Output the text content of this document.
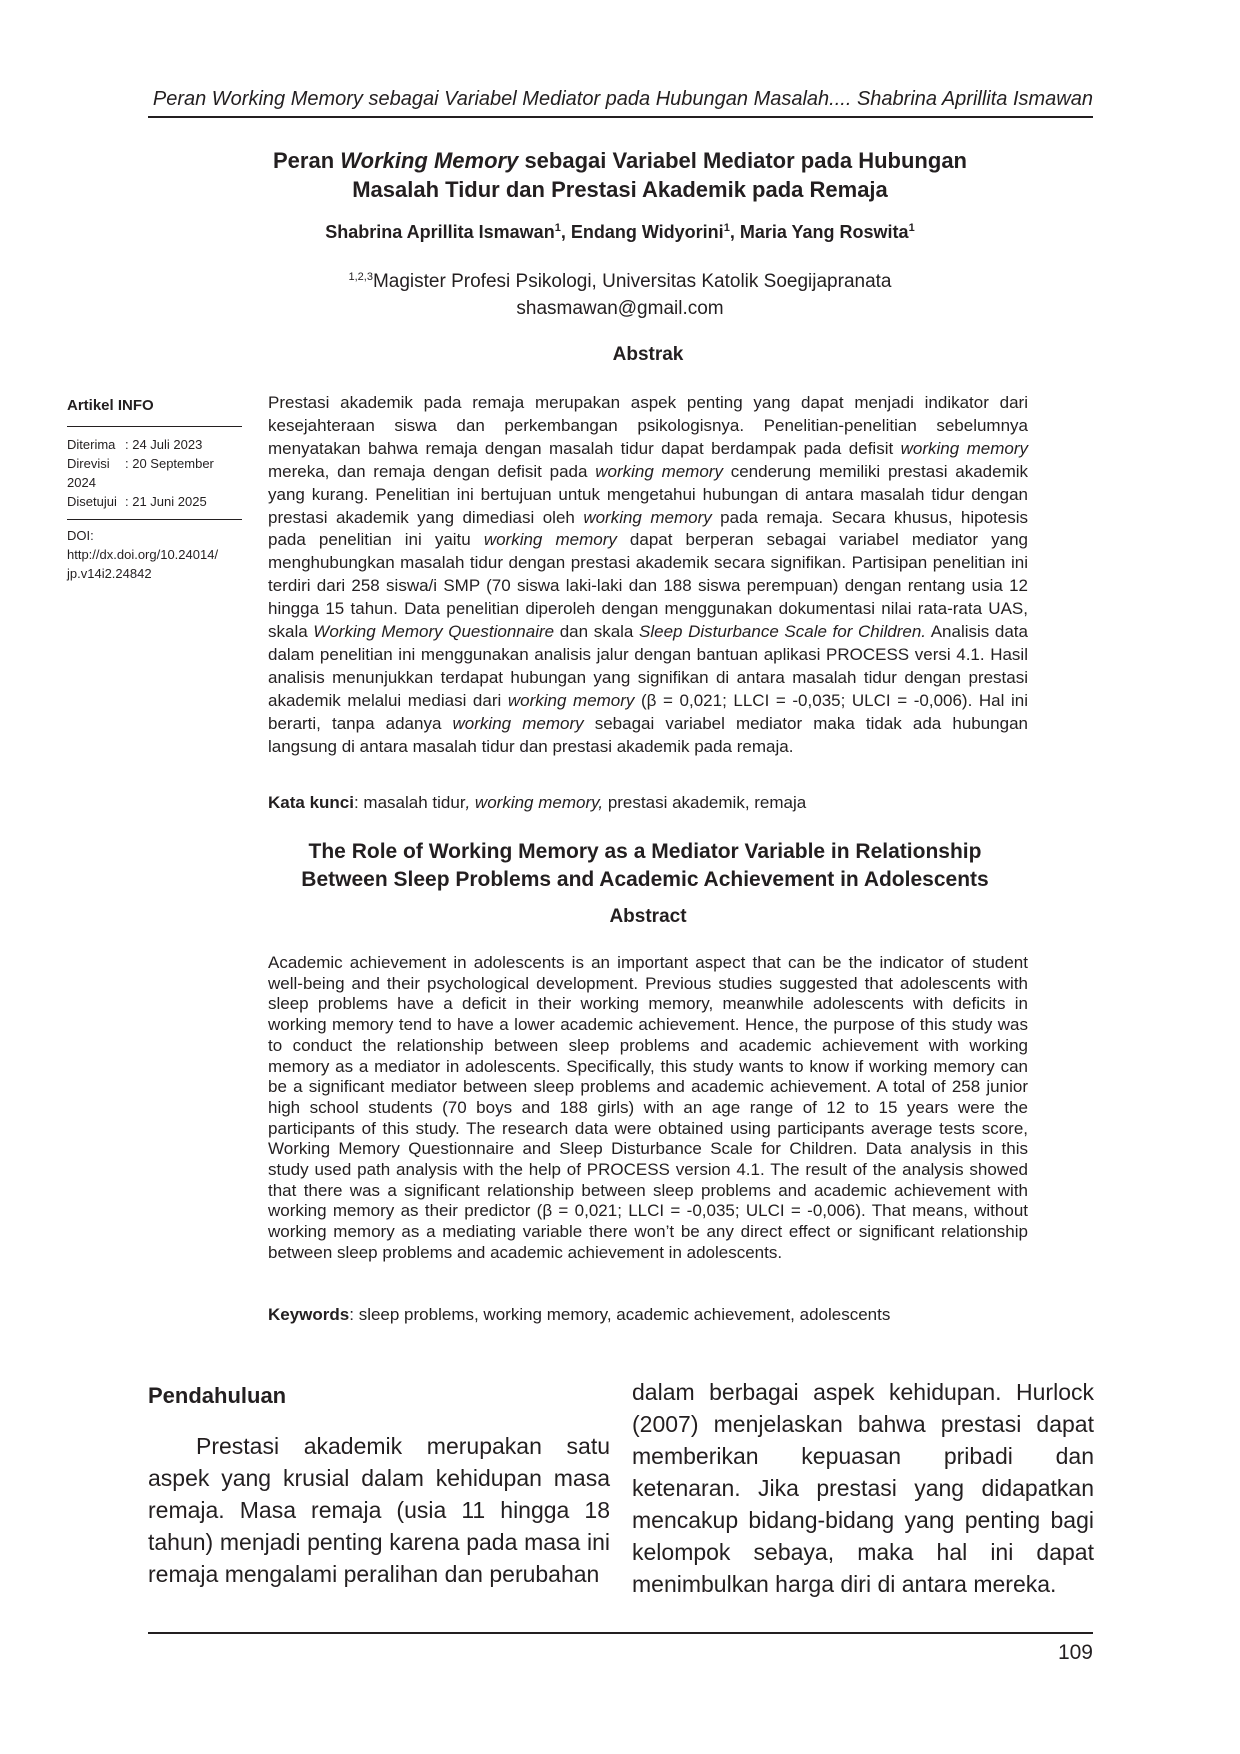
Peran Working Memory sebagai Variabel Mediator pada Hubungan Masalah.... Shabrina Aprillita Ismawan
Peran Working Memory sebagai Variabel Mediator pada Hubungan
Masalah Tidur dan Prestasi Akademik pada Remaja
Shabrina Aprillita Ismawan$^1$, Endang Widyorini$^1$, Maria Yang Roswita$^1$
$^{1,2,3}$Magister Profesi Psikologi, Universitas Katolik Soegijapranata
shasmawan@gmail.com
Abstrak
Artikel INFO
Diterima : 24 Juli 2023
Direvisi : 20 September 2024
Disetujui : 21 Juni 2025
DOI: http://dx.doi.org/10.24014/
jp.v14i2.24842
Prestasi akademik pada remaja merupakan aspek penting yang dapat menjadi indikator dari kesejahteraan siswa dan perkembangan psikologisnya. Penelitian-penelitian sebelumnya menyatakan bahwa remaja dengan masalah tidur dapat berdampak pada defisit working memory mereka, dan remaja dengan defisit pada working memory cenderung memiliki prestasi akademik yang kurang. Penelitian ini bertujuan untuk mengetahui hubungan di antara masalah tidur dengan prestasi akademik yang dimediasi oleh working memory pada remaja. Secara khusus, hipotesis pada penelitian ini yaitu working memory dapat berperan sebagai variabel mediator yang menghubungkan masalah tidur dengan prestasi akademik secara signifikan. Partisipan penelitian ini terdiri dari 258 siswa/i SMP (70 siswa laki-laki dan 188 siswa perempuan) dengan rentang usia 12 hingga 15 tahun. Data penelitian diperoleh dengan menggunakan dokumentasi nilai rata-rata UAS, skala Working Memory Questionnaire dan skala Sleep Disturbance Scale for Children. Analisis data dalam penelitian ini menggunakan analisis jalur dengan bantuan aplikasi PROCESS versi 4.1. Hasil analisis menunjukkan terdapat hubungan yang signifikan di antara masalah tidur dengan prestasi akademik melalui mediasi dari working memory (β = 0,021; LLCI = -0,035; ULCI = -0,006). Hal ini berarti, tanpa adanya working memory sebagai variabel mediator maka tidak ada hubungan langsung di antara masalah tidur dan prestasi akademik pada remaja.
Kata kunci: masalah tidur, working memory, prestasi akademik, remaja
The Role of Working Memory as a Mediator Variable in Relationship
Between Sleep Problems and Academic Achievement in Adolescents
Abstract
Academic achievement in adolescents is an important aspect that can be the indicator of student well-being and their psychological development. Previous studies suggested that adolescents with sleep problems have a deficit in their working memory, meanwhile adolescents with deficits in working memory tend to have a lower academic achievement. Hence, the purpose of this study was to conduct the relationship between sleep problems and academic achievement with working memory as a mediator in adolescents. Specifically, this study wants to know if working memory can be a significant mediator between sleep problems and academic achievement. A total of 258 junior high school students (70 boys and 188 girls) with an age range of 12 to 15 years were the participants of this study. The research data were obtained using participants average tests score, Working Memory Questionnaire and Sleep Disturbance Scale for Children. Data analysis in this study used path analysis with the help of PROCESS version 4.1. The result of the analysis showed that there was a significant relationship between sleep problems and academic achievement with working memory as their predictor (β = 0,021; LLCI = -0,035; ULCI = -0,006). That means, without working memory as a mediating variable there won’t be any direct effect or significant relationship between sleep problems and academic achievement in adolescents.
Keywords: sleep problems, working memory, academic achievement, adolescents
Pendahuluan
Prestasi akademik merupakan satu aspek yang krusial dalam kehidupan masa remaja. Masa remaja (usia 11 hingga 18 tahun) menjadi penting karena pada masa ini remaja mengalami peralihan dan perubahan
dalam berbagai aspek kehidupan. Hurlock (2007) menjelaskan bahwa prestasi dapat memberikan kepuasan pribadi dan ketenaran. Jika prestasi yang didapatkan mencakup bidang-bidang yang penting bagi kelompok sebaya, maka hal ini dapat menimbulkan harga diri di antara mereka.
109
